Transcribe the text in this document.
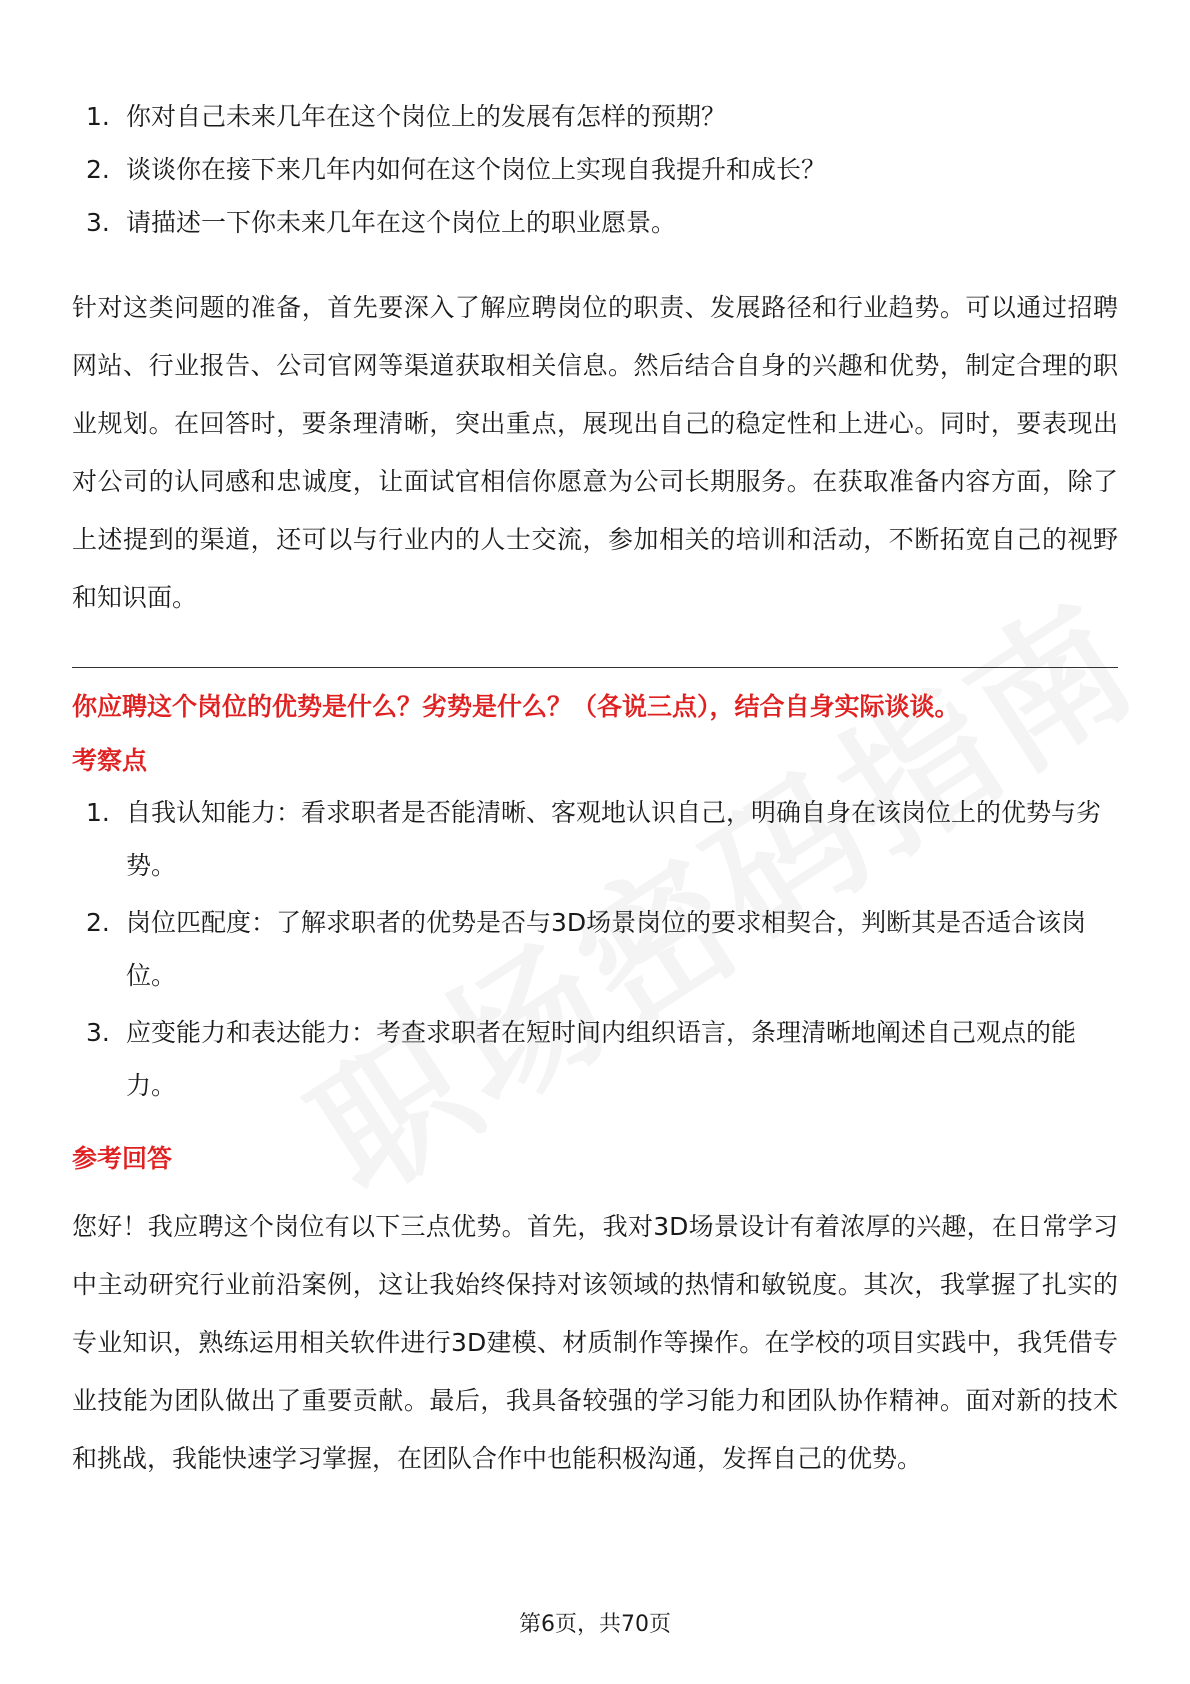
1. 你对自己未来几年在这个岗位上的发展有怎样的预期？
2. 谈谈你在接下来几年内如何在这个岗位上实现自我提升和成长？
3. 请描述一下你未来几年在这个岗位上的职业愿景。

针对这类问题的准备，首先要深入了解应聘岗位的职责、发展路径和行业趋势。可以通过招聘网站、行业报告、公司官网等渠道获取相关信息。然后结合自身的兴趣和优势，制定合理的职业规划。在回答时，要条理清晰，突出重点，展现出自己的稳定性和上进心。同时，要表现出对公司的认同感和忠诚度，让面试官相信你愿意为公司长期服务。在获取准备内容方面，除了上述提到的渠道，还可以与行业内的人士交流，参加相关的培训和活动，不断拓宽自己的视野和知识面。

你应聘这个岗位的优势是什么？劣势是什么？（各说三点），结合自身实际谈谈。
考察点
1. 自我认知能力：看求职者是否能清晰、客观地认识自己，明确自身在该岗位上的优势与劣势。
2. 岗位匹配度：了解求职者的优势是否与3D场景岗位的要求相契合，判断其是否适合该岗位。
3. 应变能力和表达能力：考查求职者在短时间内组织语言，条理清晰地阐述自己观点的能力。
参考回答

您好！我应聘这个岗位有以下三点优势。首先，我对3D场景设计有着浓厚的兴趣，在日常学习中主动研究行业前沿案例，这让我始终保持对该领域的热情和敏锐度。其次，我掌握了扎实的专业知识，熟练运用相关软件进行3D建模、材质制作等操作。在学校的项目实践中，我凭借专业技能为团队做出了重要贡献。最后，我具备较强的学习能力和团队协作精神。面对新的技术和挑战，我能快速学习掌握，在团队合作中也能积极沟通，发挥自己的优势。

第6页，共70页
